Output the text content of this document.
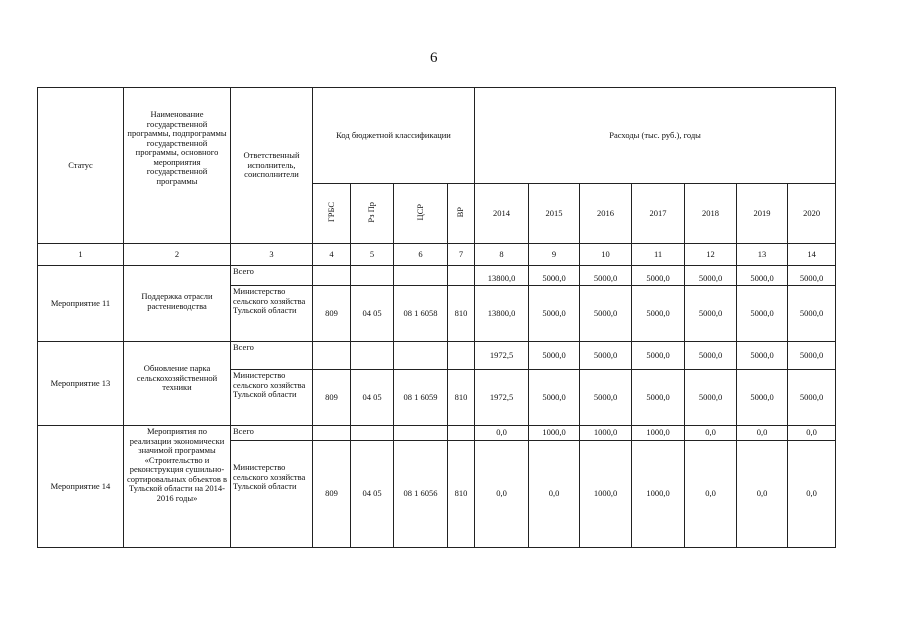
6
Статус	Наименование государственной программы, подпрограммы государственной программы, основного мероприятия государственной программы	Ответственный исполнитель, соисполнители	Код бюджетной классификации				Расходы (тыс. руб.), годы						
			ГРБС	Рз Пр	ЦСР	ВР	2014	2015	2016	2017	2018	2019	2020
1	2	3	4	5	6	7	8	9	10	11	12	13	14
Мероприятие 11	Поддержка отрасли растениеводства	Всего					13800,0	5000,0	5000,0	5000,0	5000,0	5000,0	5000,0
		Министерство сельского хозяйства Тульской области	809	04 05	08 1 6058	810	13800,0	5000,0	5000,0	5000,0	5000,0	5000,0	5000,0
Мероприятие 13	Обновление парка сельскохозяйственной техники	Всего					1972,5	5000,0	5000,0	5000,0	5000,0	5000,0	5000,0
		Министерство сельского хозяйства Тульской области	809	04 05	08 1 6059	810	1972,5	5000,0	5000,0	5000,0	5000,0	5000,0	5000,0
Мероприятие 14	Мероприятия по реализации экономически значимой программы «Строительство и реконструкция сушильно-сортировальных объектов в Тульской области на 2014-2016 годы»	Всего					0,0	1000,0	1000,0	1000,0	0,0	0,0	0,0
		Министерство сельского хозяйства Тульской области	809	04 05	08 1 6056	810	0,0	0,0	1000,0	1000,0	0,0	0,0	0,0
